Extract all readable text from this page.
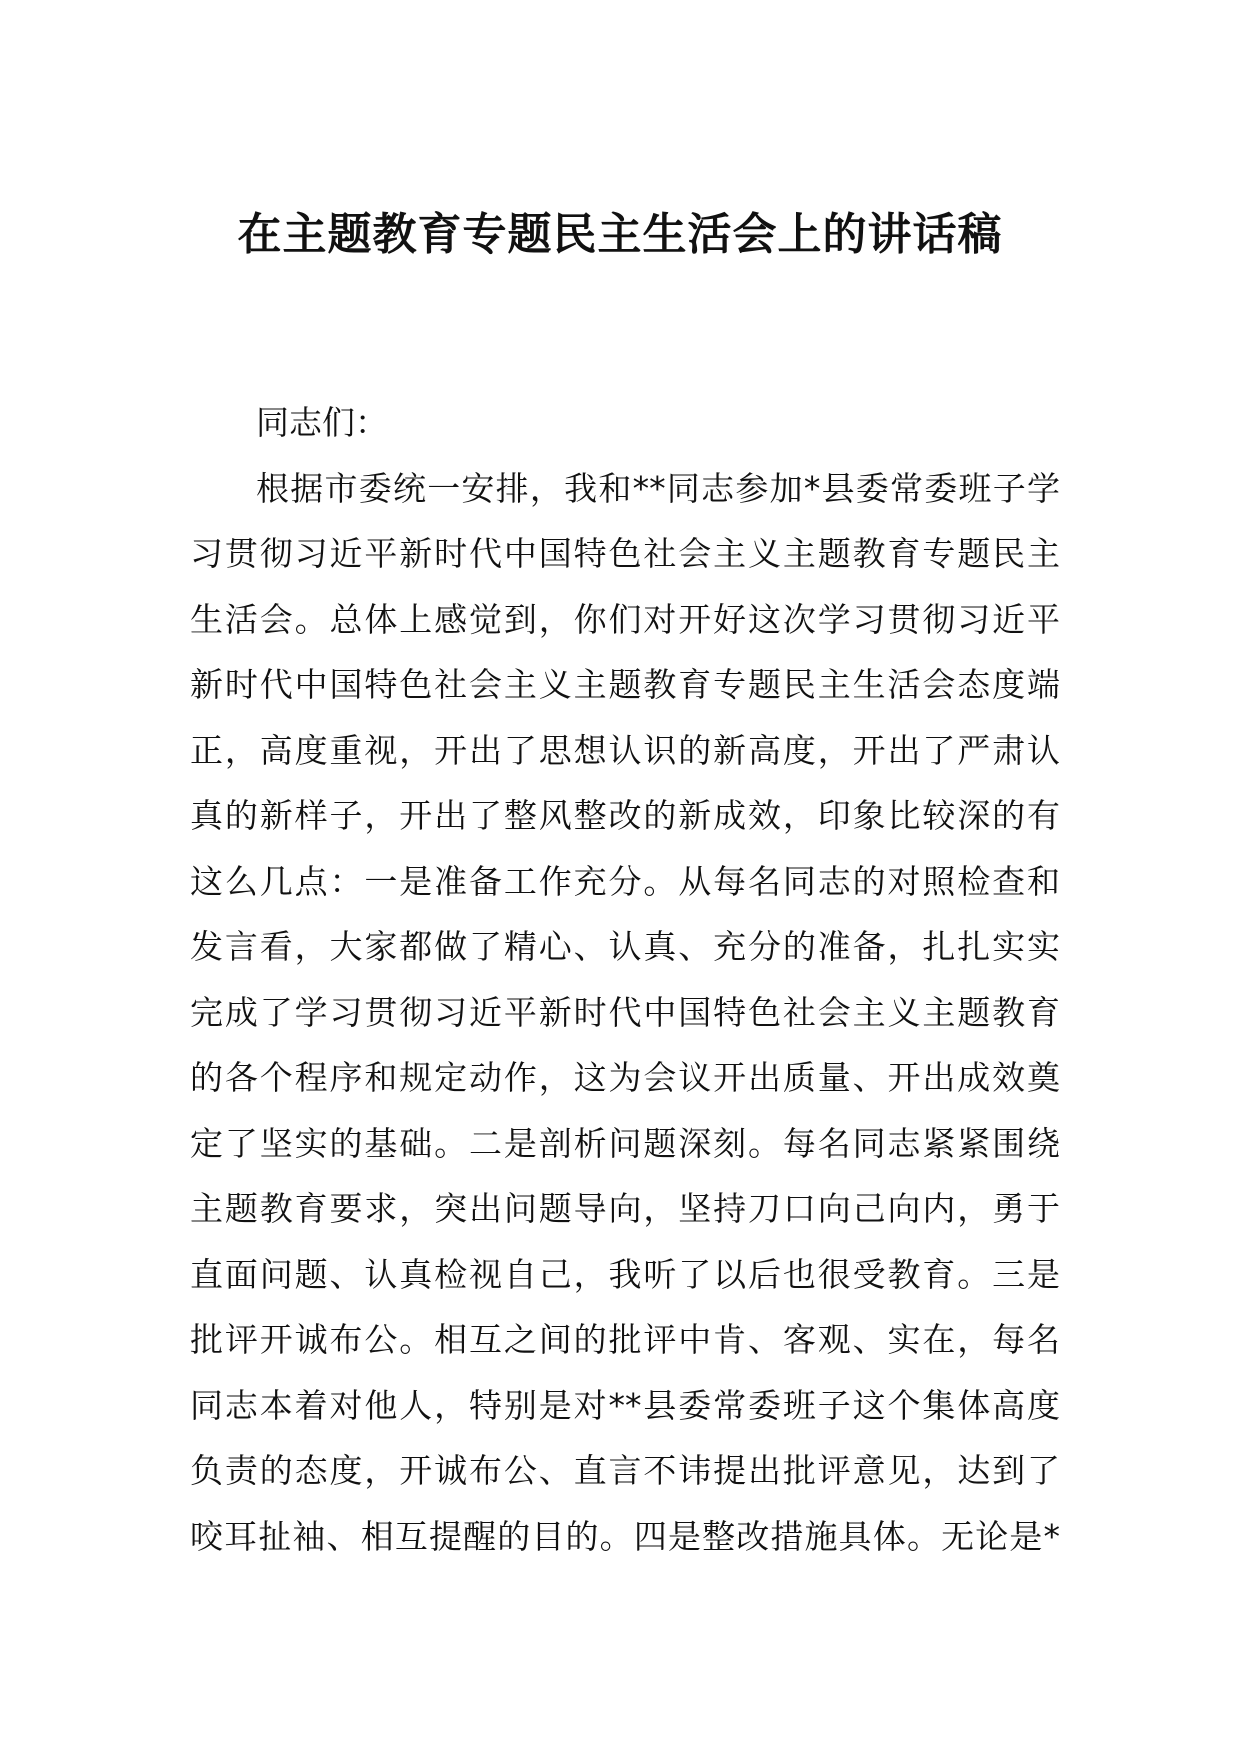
在主题教育专题民主生活会上的讲话稿

同志们：

根据市委统一安排，我和**同志参加*县委常委班子学
习贯彻习近平新时代中国特色社会主义主题教育专题民主
生活会。总体上感觉到，你们对开好这次学习贯彻习近平
新时代中国特色社会主义主题教育专题民主生活会态度端
正，高度重视，开出了思想认识的新高度，开出了严肃认
真的新样子，开出了整风整改的新成效，印象比较深的有
这么几点：一是准备工作充分。从每名同志的对照检查和
发言看，大家都做了精心、认真、充分的准备，扎扎实实
完成了学习贯彻习近平新时代中国特色社会主义主题教育
的各个程序和规定动作，这为会议开出质量、开出成效奠
定了坚实的基础。二是剖析问题深刻。每名同志紧紧围绕
主题教育要求，突出问题导向，坚持刀口向己向内，勇于
直面问题、认真检视自己，我听了以后也很受教育。三是
批评开诚布公。相互之间的批评中肯、客观、实在，每名
同志本着对他人，特别是对**县委常委班子这个集体高度
负责的态度，开诚布公、直言不讳提出批评意见，达到了
咬耳扯袖、相互提醒的目的。四是整改措施具体。无论是*
